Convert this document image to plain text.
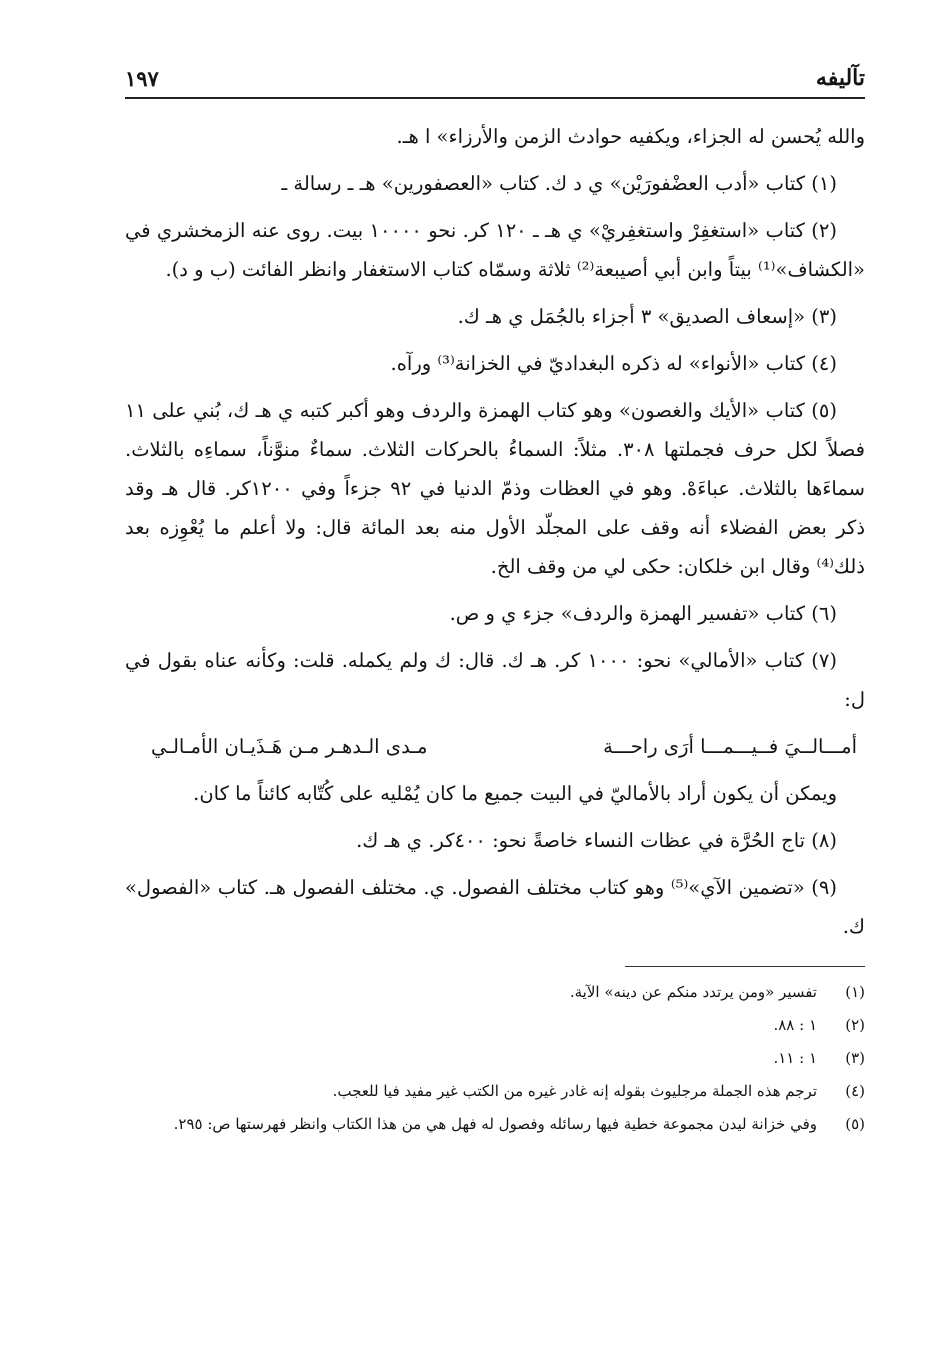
تآليفه
١٩٧

والله يُحسن له الجزاء، ويكفيه حوادث الزمن والأرزاء» ا هـ.

(١) كتاب «أدب العضْفورَيْن» ي د ك. كتاب «العصفورين» هـ ـ رسالة ـ

(٢) كتاب «استغفِرْ واستغفِريْ» ي هـ ـ ١٢٠ كر. نحو ١٠٠٠٠ بيت. روى عنه الزمخشري في «الكشاف»⁽¹⁾ بيتاً وابن أبي أصيبعة⁽²⁾ ثلاثة وسمّاه كتاب الاستغفار وانظر الفائت (ب و د).

(٣) «إسعاف الصديق» ٣ أجزاء بالجُمَل ي هـ ك.

(٤) كتاب «الأنواء» له ذكره البغداديّ في الخزانة⁽³⁾ ورآه.

(٥) كتاب «الأيك والغصون» وهو كتاب الهمزة والردف وهو أكبر كتبه ي هـ ك، بُني على ١١ فصلاً لكل حرف فجملتها ٣٠٨. مثلاً: السماءُ بالحركات الثلاث. سماءٌ منوَّناً، سماءِه بالثلاث. سماءَها بالثلاث. عباءَهْ. وهو في العظات وذمّ الدنيا في ٩٢ جزءاً وفي ١٢٠٠كر. قال هـ وقد ذكر بعض الفضلاء أنه وقف على المجلّد الأول منه بعد المائة قال: ولا أعلم ما يُعْوِزه بعد ذلك⁽⁴⁾ وقال ابن خلكان: حكى لي من وقف الخ.

(٦) كتاب «تفسير الهمزة والردف» جزء ي و ص.

(٧) كتاب «الأمالي» نحو: ١٠٠٠ كر. هـ ك. قال: ك ولم يكمله. قلت: وكأنه عناه بقول في ل:

أمـــالــيَ فــيـــمـــا أرَى راحـــة
مـدى الـدهـر مـن هَـذَيـان الأمـالـي

ويمكن أن يكون أراد بالأماليّ في البيت جميع ما كان يُمْليه على كُتّابه كائناً ما كان.

(٨) تاج الحُرَّة في عظات النساء خاصةً نحو: ٤٠٠كر. ي هـ ك.

(٩) «تضمين الآي»⁽⁵⁾ وهو كتاب مختلف الفصول. ي. مختلف الفصول هـ. كتاب «الفصول» ك.

(١)
تفسير «ومن يرتدد منكم عن دينه» الآية.
(٢)
١ : ٨٨.
(٣)
١ : ١١.
(٤)
ترجم هذه الجملة مرجليوث بقوله إنه غادر غيره من الكتب غير مفيد فيا للعجب.
(٥)
وفي خزانة ليدن مجموعة خطية فيها رسائله وفصول له فهل هي من هذا الكتاب وانظر فهرستها ص: ٢٩٥.
